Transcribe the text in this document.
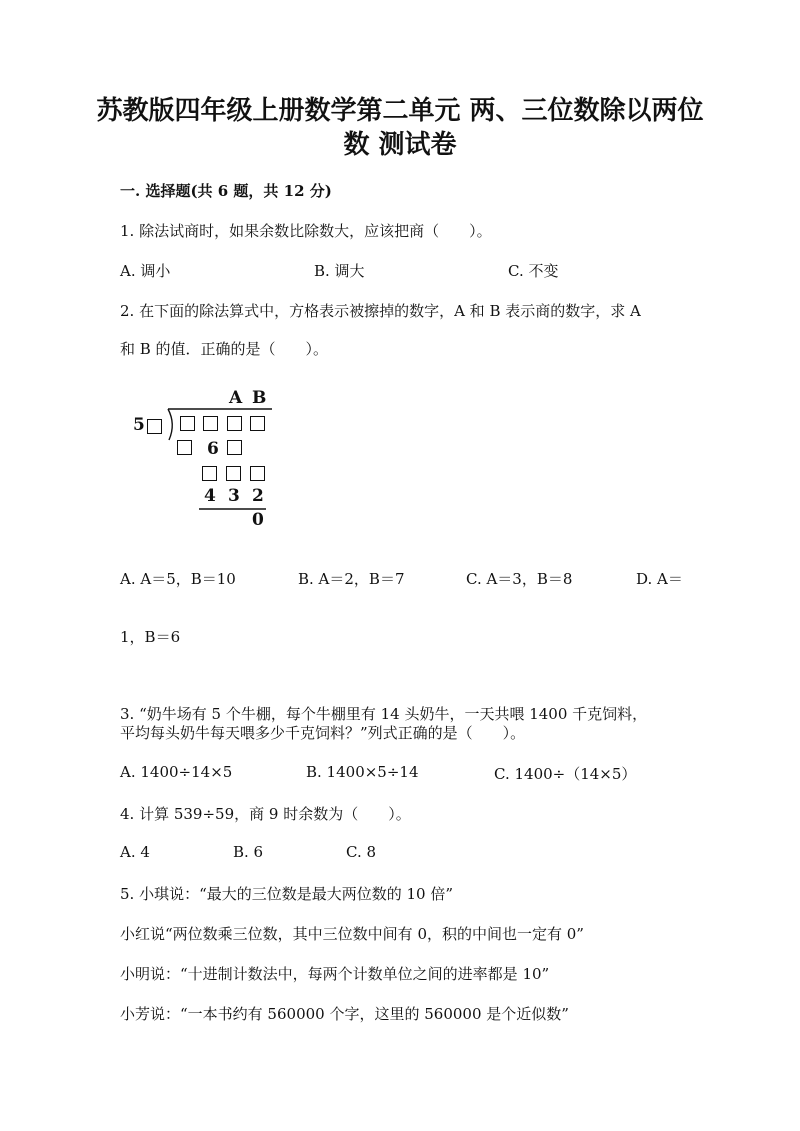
苏教版四年级上册数学第二单元 两、三位数除以两位数 测试卷
一. 选择题(共 6 题，共 12 分)
1. 除法试商时，如果余数比除数大，应该把商（　　）。
A. 调小	B. 调大	C. 不变
2. 在下面的除法算式中，方格表示被擦掉的数字，A 和 B 表示商的数字，求 A
和 B 的值．正确的是（　　）。
A B
5
6
4 3 2
0
A. A＝5，B＝10	B. A＝2，B＝7	C. A＝3，B＝8	D. A＝
1，B＝6
3. “奶牛场有 5 个牛棚，每个牛棚里有 14 头奶牛，一天共喂 1400 千克饲料，
平均每头奶牛每天喂多少千克饲料？”列式正确的是（　　）。
A. 1400÷14×5	B. 1400×5÷14	C. 1400÷（14×5）
4. 计算 539÷59，商 9 时余数为（　　）。
A. 4	B. 6	C. 8
5. 小琪说：“最大的三位数是最大两位数的 10 倍”
小红说“两位数乘三位数，其中三位数中间有 0，积的中间也一定有 0”
小明说：“十进制计数法中，每两个计数单位之间的进率都是 10”
小芳说：“一本书约有 560000 个字，这里的 560000 是个近似数”
